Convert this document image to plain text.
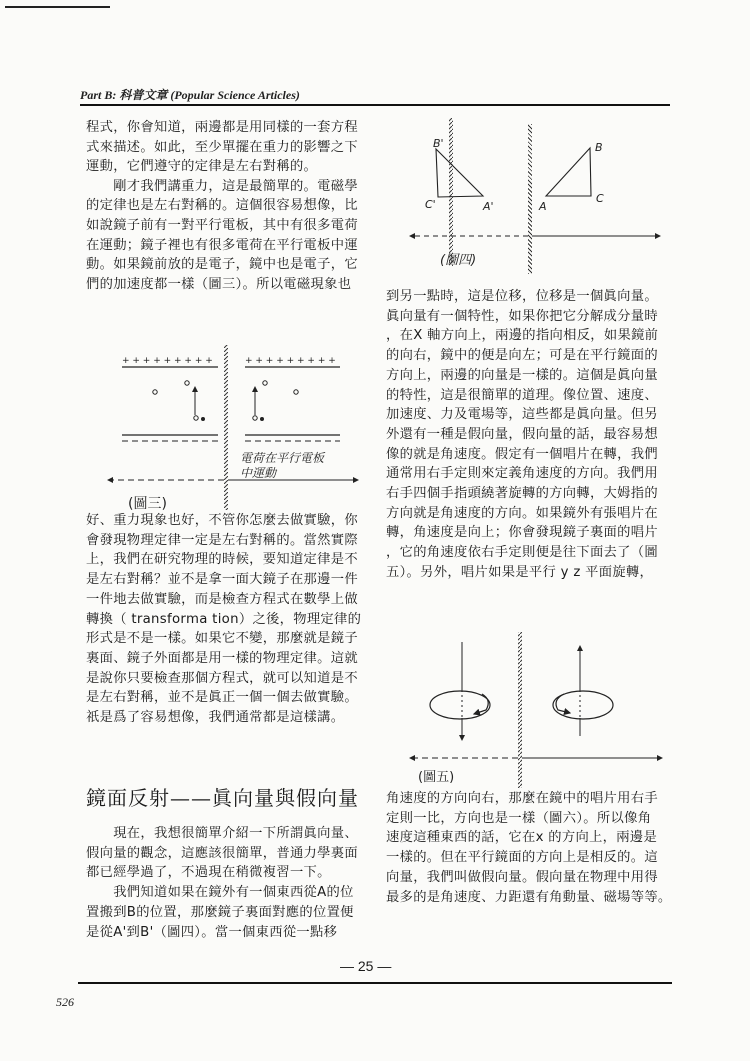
Part B: 科普文章 (Popular Science Articles)
程式，你會知道，兩邊都是用同樣的一套方程
式來描述。如此，至少單擺在重力的影響之下
運動，它們遵守的定律是左右對稱的。
　　剛才我們講重力，這是最簡單的。電磁學
的定律也是左右對稱的。這個很容易想像，比
如說鏡子前有一對平行電板，其中有很多電荷
在運動；鏡子裡也有很多電荷在平行電板中運
動。如果鏡前放的是電子，鏡中也是電子，它
們的加速度都一樣（圖三）。所以電磁現象也
+ + + + + + + + +	+ + + + + + + + +
電荷在平行電板
中運動
(圖三)
好、重力現象也好，不管你怎麼去做實驗，你
會發現物理定律一定是左右對稱的。當然實際
上，我們在研究物理的時候，要知道定律是不
是左右對稱？並不是拿一面大鏡子在那邊一件
一件地去做實驗，而是檢查方程式在數學上做
轉換（ transforma tion）之後，物理定律的
形式是不是一樣。如果它不變，那麼就是鏡子
裏面、鏡子外面都是用一樣的物理定律。這就
是說你只要檢查那個方程式，就可以知道是不
是左右對稱，並不是眞正一個一個去做實驗。
祇是爲了容易想像，我們通常都是這樣講。
鏡面反射——眞向量與假向量
　　現在，我想很簡單介紹一下所謂眞向量、
假向量的觀念，這應該很簡單，普通力學裏面
都已經學過了，不過現在稍微複習一下。
　　我們知道如果在鏡外有一個東西從A的位
置搬到B的位置，那麼鏡子裏面對應的位置便
是從A'到B'（圖四）。當一個東西從一點移
B'
C'	A'	A
B
C
(圖四)
到另一點時，這是位移，位移是一個眞向量。
眞向量有一個特性，如果你把它分解成分量時
，在X 軸方向上，兩邊的指向相反，如果鏡前
的向右，鏡中的便是向左；可是在平行鏡面的
方向上，兩邊的向量是一樣的。這個是眞向量
的特性，這是很簡單的道理。像位置、速度、
加速度、力及電場等，這些都是眞向量。但另
外還有一種是假向量，假向量的話，最容易想
像的就是角速度。假定有一個唱片在轉，我們
通常用右手定則來定義角速度的方向。我們用
右手四個手指頭繞著旋轉的方向轉，大姆指的
方向就是角速度的方向。如果鏡外有張唱片在
轉，角速度是向上；你會發現鏡子裏面的唱片
，它的角速度依右手定則便是往下面去了（圖
五）。另外，唱片如果是平行 y z 平面旋轉，
(圖五)
角速度的方向向右，那麼在鏡中的唱片用右手
定則一比，方向也是一樣（圖六）。所以像角
速度這種東西的話，它在x 的方向上，兩邊是
一樣的。但在平行鏡面的方向上是相反的。這
向量，我們叫做假向量。假向量在物理中用得
最多的是角速度、力距還有角動量、磁場等等。
— 25 —
526
